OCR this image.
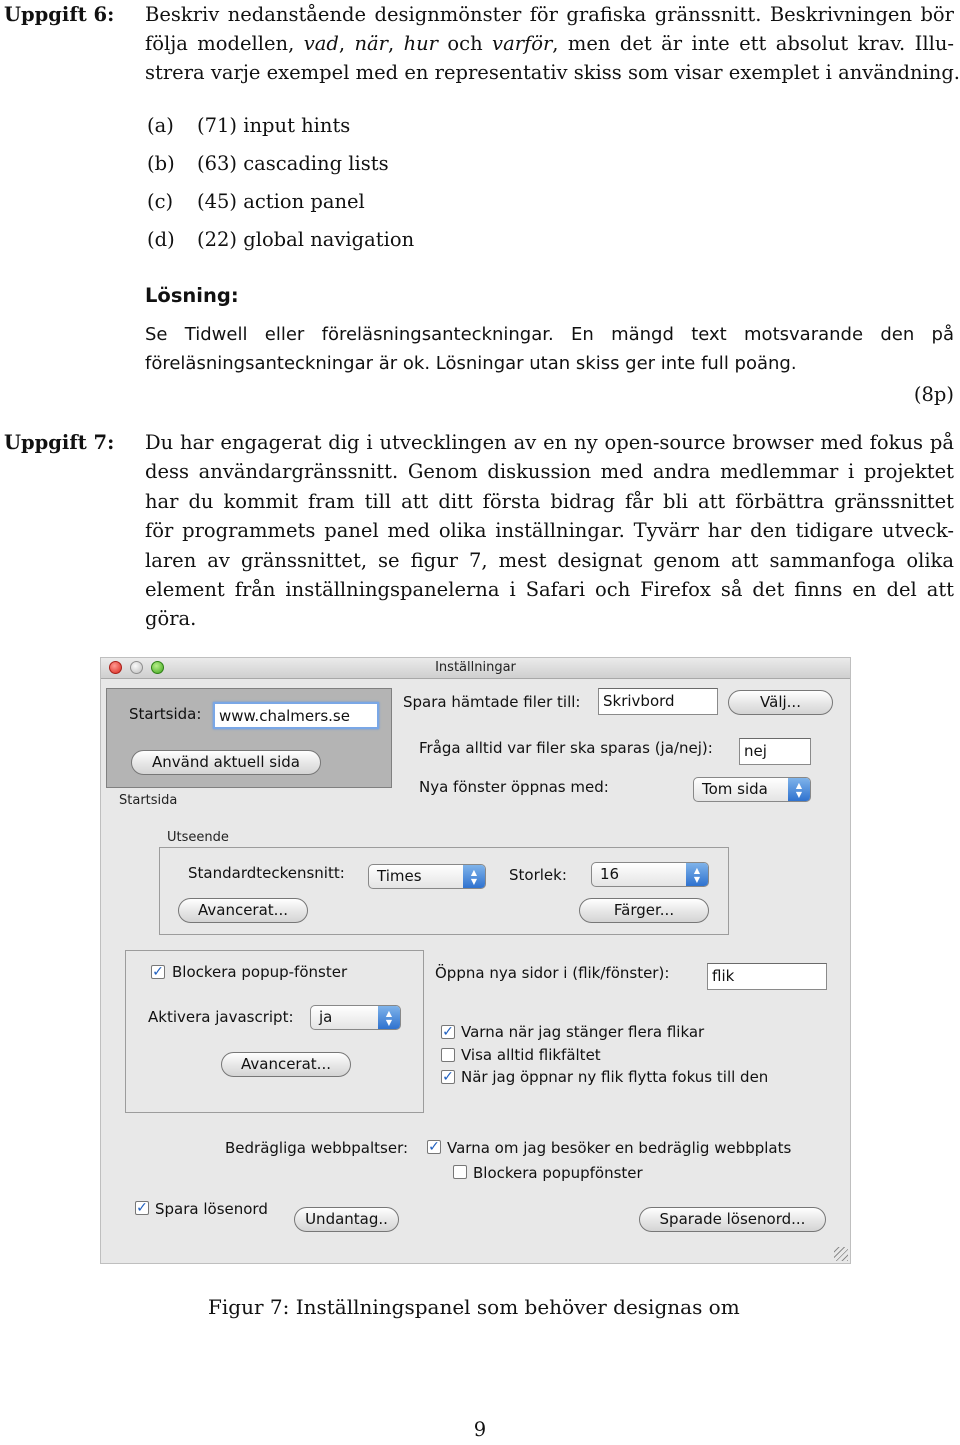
Uppgift 6: Beskriv nedanstående designmönster för grafiska gränssnitt. Beskrivningen bör
följa modellen, vad, när, hur och varför, men det är inte ett absolut krav. Illu-
strera varje exempel med en representativ skiss som visar exemplet i användning.
(a) (71) input hints
(b) (63) cascading lists
(c) (45) action panel
(d) (22) global navigation
Lösning:
Se Tidwell eller föreläsningsanteckningar. En mängd text motsvarande den på
föreläsningsanteckningar är ok. Lösningar utan skiss ger inte full poäng.
(8p)
Uppgift 7: Du har engagerat dig i utvecklingen av en ny open-source browser med fokus på
dess användargränssnitt. Genom diskussion med andra medlemmar i projektet
har du kommit fram till att ditt första bidrag får bli att förbättra gränssnittet
för programmets panel med olika inställningar. Tyvärr har den tidigare utveck-
laren av gränssnittet, se figur 7, mest designat genom att sammanfoga olika
element från inställningspanelerna i Safari och Firefox så det finns en del att
göra.
Inställningar
Startsida:	www.chalmers.se
Använd aktuell sida
Startsida
Spara hämtade filer till:	Skrivbord	Välj...
Fråga alltid var filer ska sparas (ja/nej):	nej
Nya fönster öppnas med:	Tom sida	▲
▼
Utseende
Standardteckensnitt:	Times	▲
▼	Storlek:	16	▲
▼
Avancerat...	Färger...
✓ Blockera popup-fönster
Aktivera javascript:	ja	▲
▼
Avancerat...
Öppna nya sidor i (flik/fönster):	flik
✓ Varna när jag stänger flera flikar
Visa alltid flikfältet
✓ När jag öppnar ny flik flytta fokus till den
Bedrägliga webbpaltser: ✓ Varna om jag besöker en bedräglig webbplats
Blockera popupfönster
✓ Spara lösenord
Undantag..	Sparade lösenord...
Figur 7: Inställningspanel som behöver designas om
9
